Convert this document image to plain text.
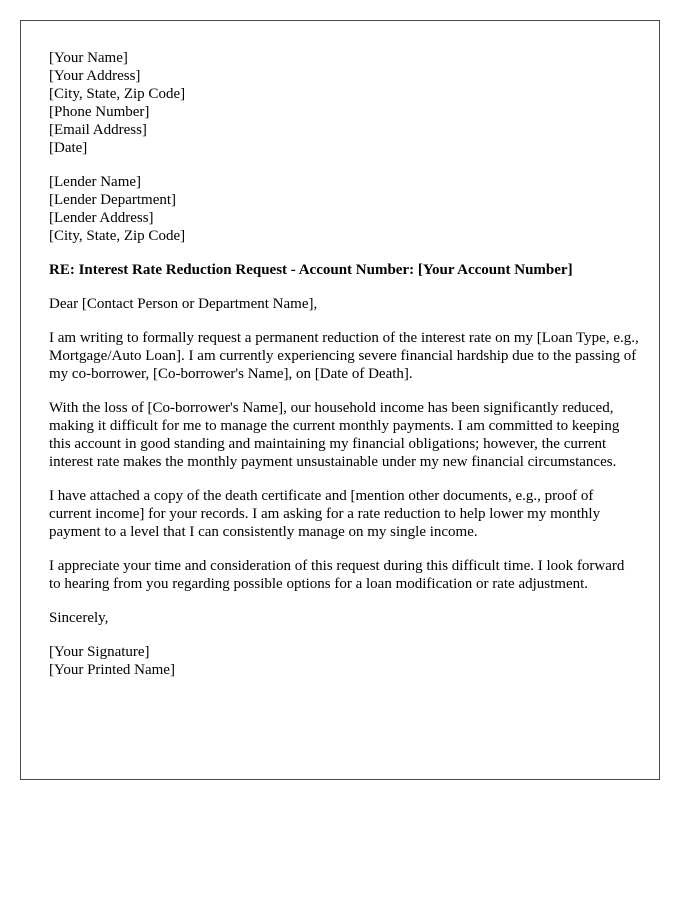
[Your Name]
[Your Address]
[City, State, Zip Code]
[Phone Number]
[Email Address]
[Date]
[Lender Name]
[Lender Department]
[Lender Address]
[City, State, Zip Code]
RE: Interest Rate Reduction Request - Account Number: [Your Account Number]

Dear [Contact Person or Department Name],

I am writing to formally request a permanent reduction of the interest rate on my [Loan Type, e.g., Mortgage/Auto Loan]. I am currently experiencing severe financial hardship due to the passing of my co-borrower, [Co-borrower's Name], on [Date of Death].

With the loss of [Co-borrower's Name], our household income has been significantly reduced, making it difficult for me to manage the current monthly payments. I am committed to keeping this account in good standing and maintaining my financial obligations; however, the current interest rate makes the monthly payment unsustainable under my new financial circumstances.

I have attached a copy of the death certificate and [mention other documents, e.g., proof of current income] for your records. I am asking for a rate reduction to help lower my monthly payment to a level that I can consistently manage on my single income.

I appreciate your time and consideration of this request during this difficult time. I look forward to hearing from you regarding possible options for a loan modification or rate adjustment.

Sincerely,

[Your Signature]
[Your Printed Name]
